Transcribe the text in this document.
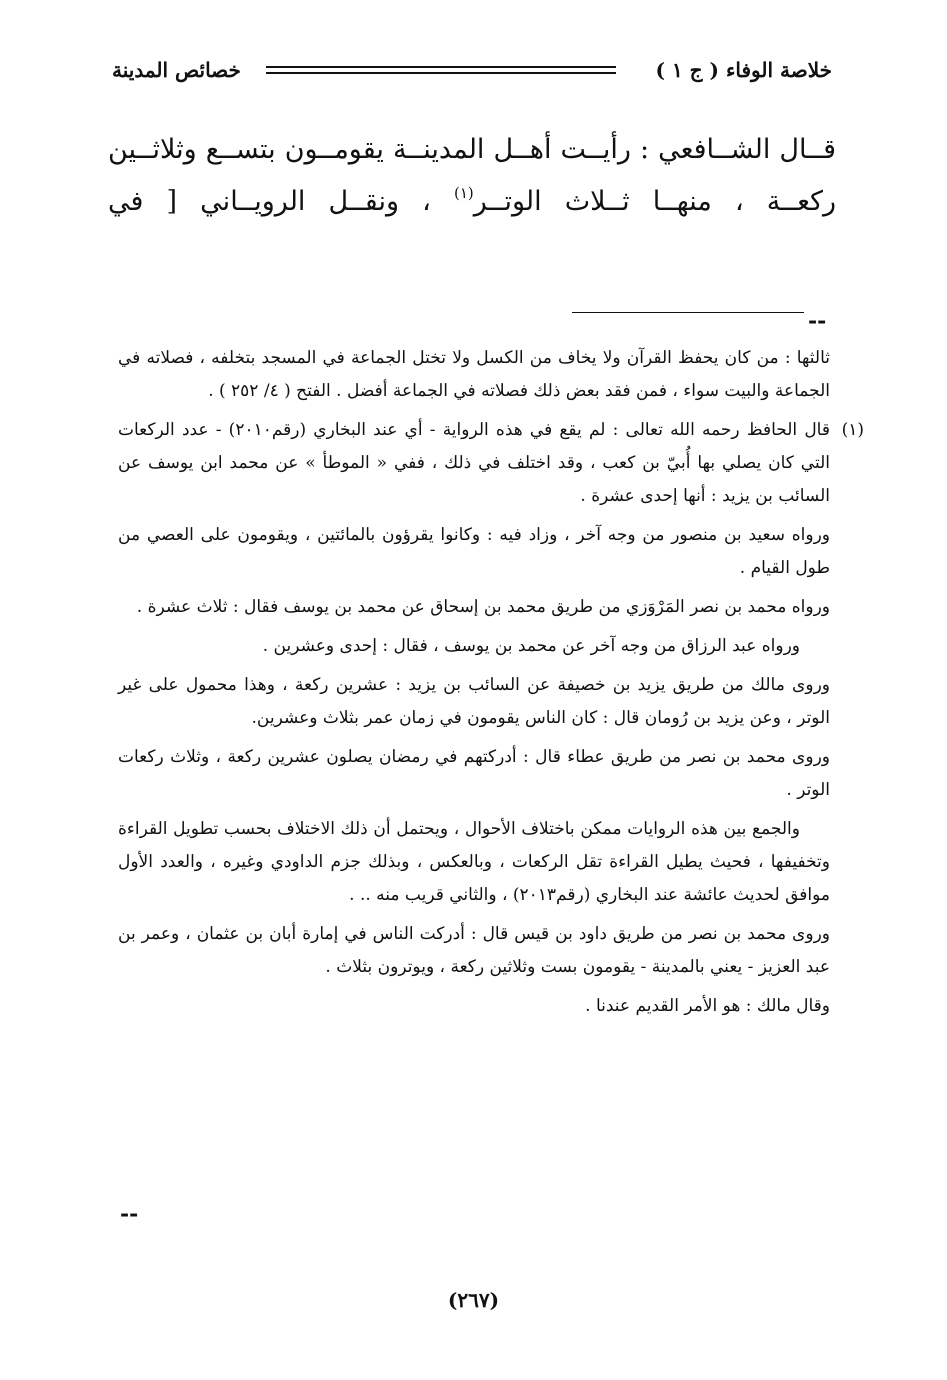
خصائص المدينة	خلاصة الوفاء ( ج ١ )

قــال الشــافعي : رأيــت أهــل المدينــة يقومــون بتســع وثلاثــين

ركعــة ، منهــا ثــلاث الوتــر$^{(١)}$ ، ونقــل الرويــاني [ في

--

ثالثها : من كان يحفظ القرآن ولا يخاف من الكسل ولا تختل الجماعة في المسجد بتخلفه ، فصلاته في الجماعة والبيت سواء ، فمن فقد بعض ذلك فصلاته في الجماعة أفضل . الفتح ( ٤/ ٢٥٢ ) .

(١)
قال الحافظ رحمه الله تعالى : لم يقع في هذه الرواية - أي عند البخاري (رقم٢٠١٠) - عدد الركعات التي كان يصلي بها أُبيّ بن كعب ، وقد اختلف في ذلك ، ففي « الموطأ » عن محمد ابن يوسف عن السائب بن يزيد : أنها إحدى عشرة .

ورواه سعيد بن منصور من وجه آخر ، وزاد فيه : وكانوا يقرؤون بالمائتين ، ويقومون على العصي من طول القيام .

ورواه محمد بن نصر المَرْوَزي من طريق محمد بن إسحاق عن محمد بن يوسف فقال : ثلاث عشرة .

ورواه عبد الرزاق من وجه آخر عن محمد بن يوسف ، فقال : إحدى وعشرين .

وروى مالك من طريق يزيد بن خصيفة عن السائب بن يزيد : عشرين ركعة ، وهذا محمول على غير الوتر ، وعن يزيد بن رُومان قال : كان الناس يقومون في زمان عمر بثلاث وعشرين.

وروى محمد بن نصر من طريق عطاء قال : أدركتهم في رمضان يصلون عشرين ركعة ، وثلاث ركعات الوتر .

والجمع بين هذه الروايات ممكن باختلاف الأحوال ، ويحتمل أن ذلك الاختلاف بحسب تطويل القراءة وتخفيفها ، فحيث يطيل القراءة تقل الركعات ، وبالعكس ، وبذلك جزم الداودي وغيره ، والعدد الأول موافق لحديث عائشة عند البخاري (رقم٢٠١٣) ، والثاني قريب منه .. .

وروى محمد بن نصر من طريق داود بن قيس قال : أدركت الناس في إمارة أبان بن عثمان ، وعمر بن عبد العزيز - يعني بالمدينة - يقومون بست وثلاثين ركعة ، ويوترون بثلاث .

وقال مالك : هو الأمر القديم عندنا .

--
(٢٦٧)
